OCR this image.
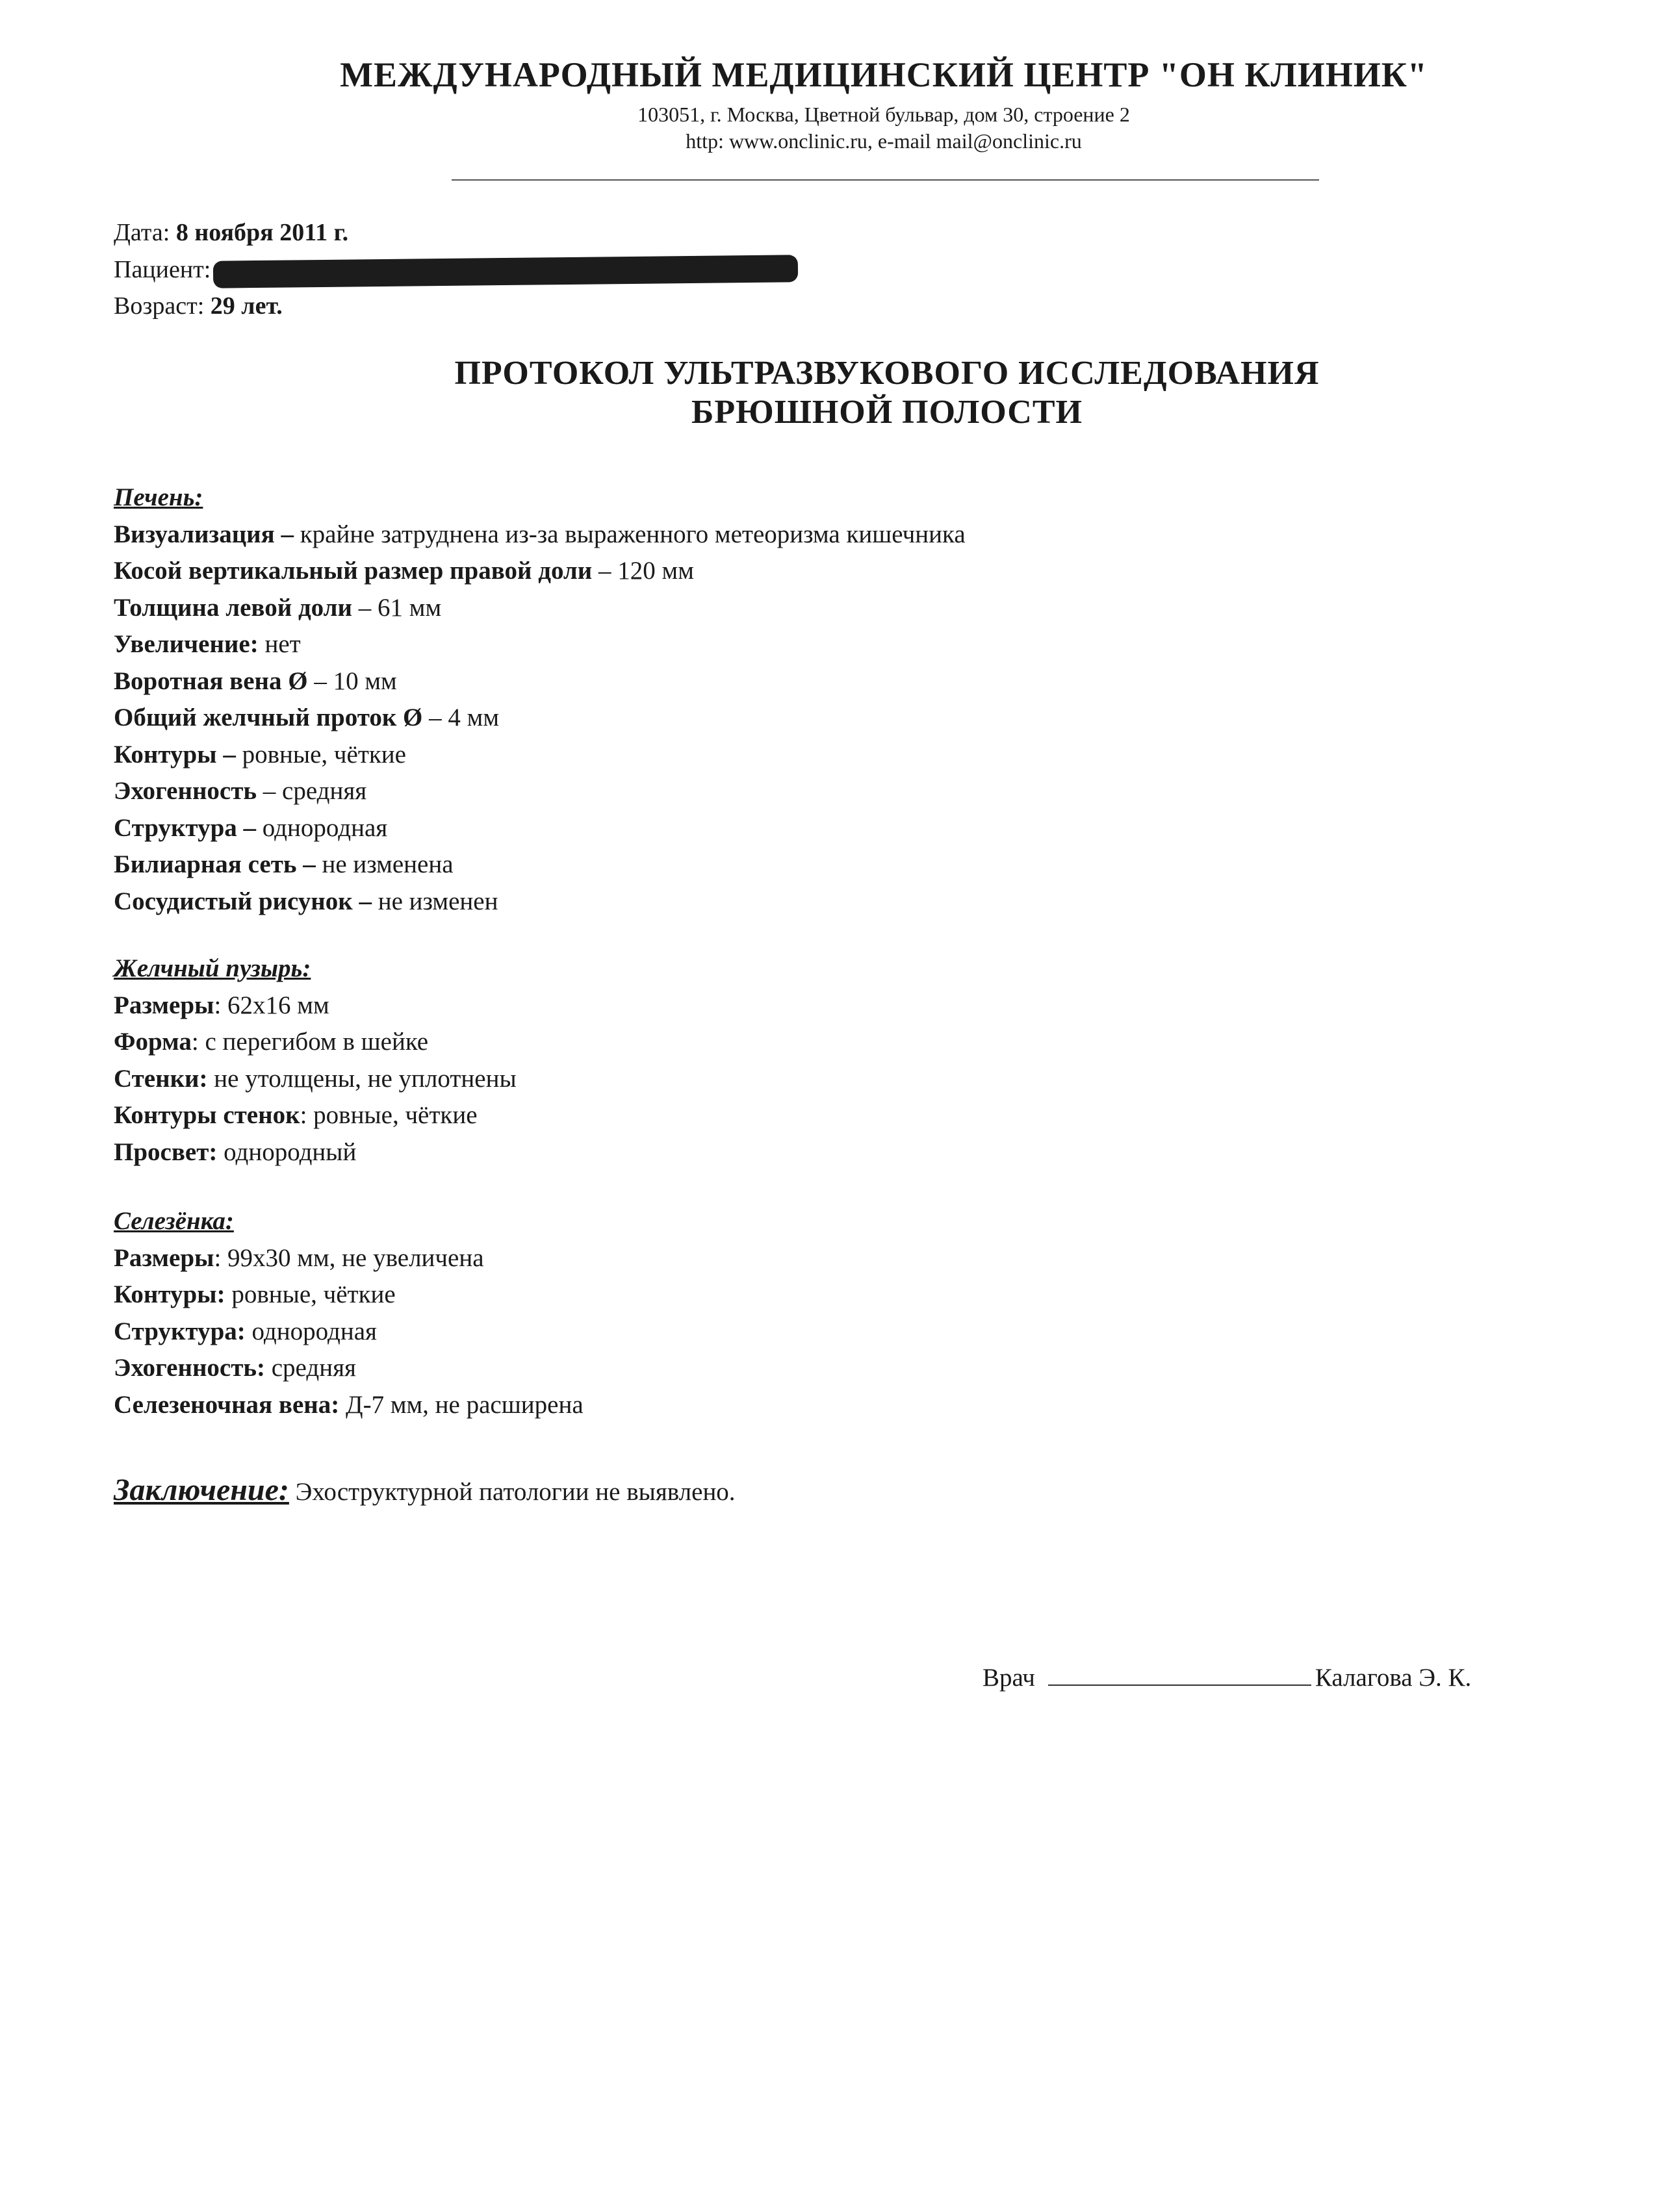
МЕЖДУНАРОДНЫЙ МЕДИЦИНСКИЙ ЦЕНТР "ОН КЛИНИК"
103051, г. Москва, Цветной бульвар, дом 30, строение 2
http: www.onclinic.ru, e-mail mail@onclinic.ru
Дата: 8 ноября 2011 г.
Пациент:
Возраст: 29 лет.
ПРОТОКОЛ УЛЬТРАЗВУКОВОГО ИССЛЕДОВАНИЯ
БРЮШНОЙ ПОЛОСТИ
Печень:
Визуализация – крайне затруднена из-за выраженного метеоризма кишечника
Косой вертикальный размер правой доли – 120 мм
Толщина левой доли – 61 мм
Увеличение: нет
Воротная вена Ø – 10 мм
Общий желчный проток Ø – 4 мм
Контуры – ровные, чёткие
Эхогенность – средняя
Структура – однородная
Билиарная сеть – не изменена
Сосудистый рисунок – не изменен
Желчный пузырь:
Размеры: 62х16 мм
Форма: с перегибом в шейке
Стенки: не утолщены, не уплотнены
Контуры стенок: ровные, чёткие
Просвет: однородный
Селезёнка:
Размеры: 99х30 мм, не увеличена
Контуры: ровные, чёткие
Структура: однородная
Эхогенность: средняя
Селезеночная вена: Д-7 мм, не расширена
Заключение: Эхоструктурной патологии не выявлено.
Врач	Калагова Э. К.
